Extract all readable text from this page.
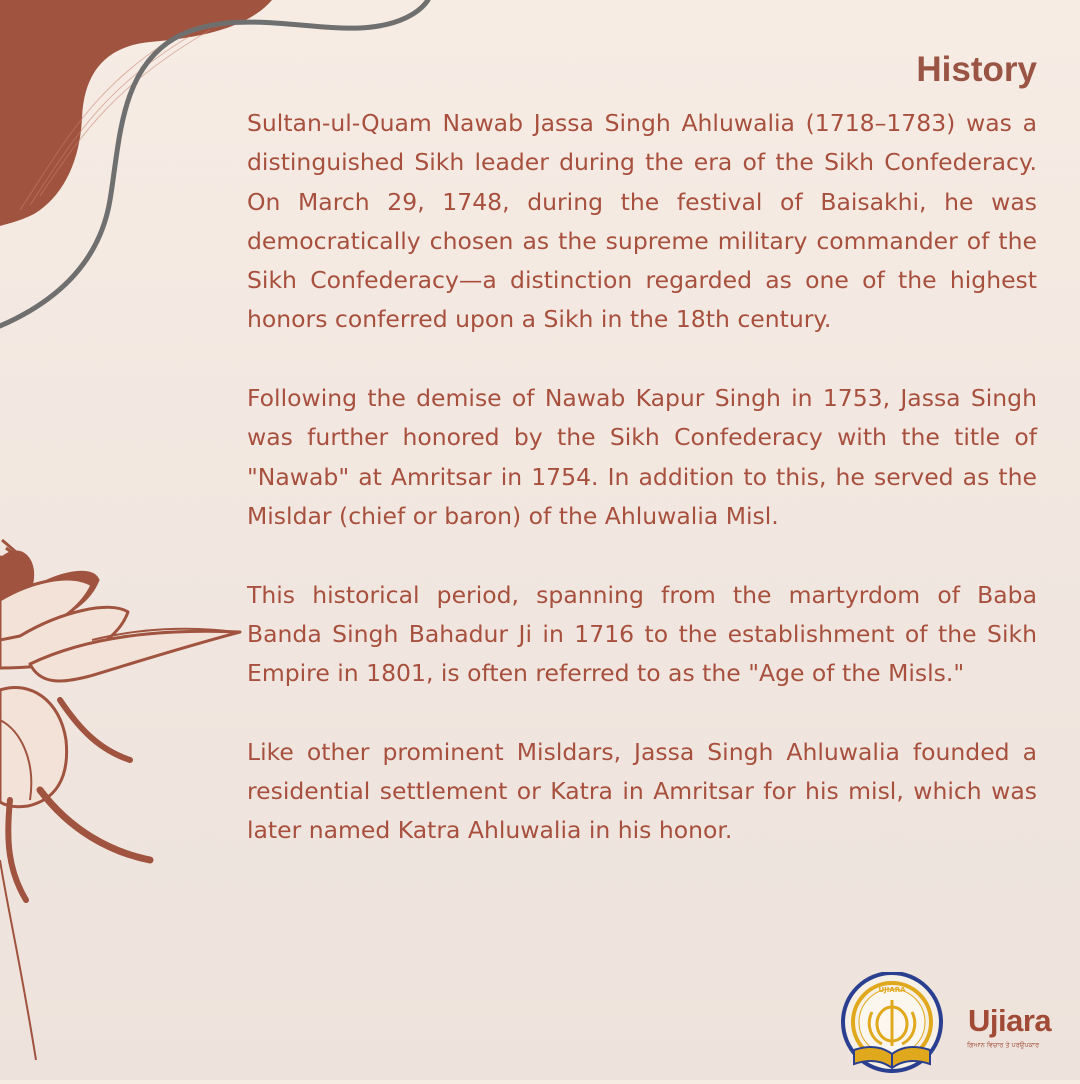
History

Sultan-ul-Quam Nawab Jassa Singh Ahluwalia (1718–1783) was a distinguished Sikh leader during the era of the Sikh Confederacy. On March 29, 1748, during the festival of Baisakhi, he was democratically chosen as the supreme military commander of the Sikh Confederacy—a distinction regarded as one of the highest honors conferred upon a Sikh in the 18th century.

Following the demise of Nawab Kapur Singh in 1753, Jassa Singh was further honored by the Sikh Confederacy with the title of "Nawab" at Amritsar in 1754. In addition to this, he served as the Misldar (chief or baron) of the Ahluwalia Misl.

This historical period, spanning from the martyrdom of Baba Banda Singh Bahadur Ji in 1716 to the establishment of the Sikh Empire in 1801, is often referred to as the "Age of the Misls."

Like other prominent Misldars, Jassa Singh Ahluwalia founded a residential settlement or Katra in Amritsar for his misl, which was later named Katra Ahluwalia in his honor.

UJIARA
Ujiara
ਗਿਆਨ ਵਿਚਾਰ ਤੇ ਪਰਉਪਕਾਰ
